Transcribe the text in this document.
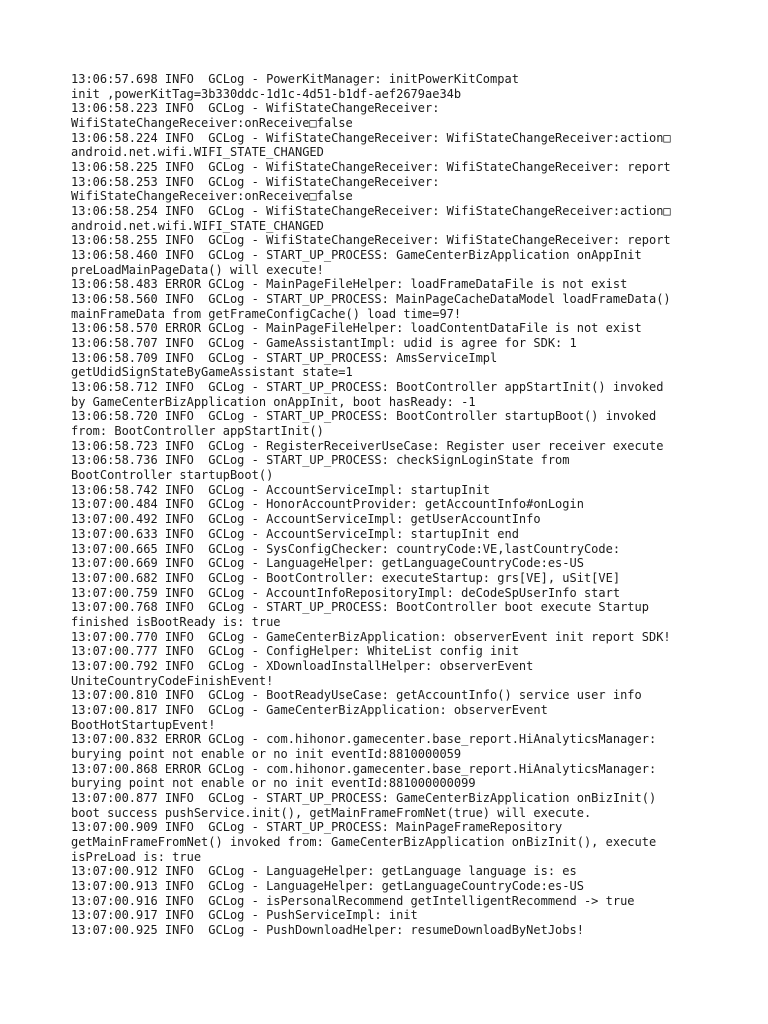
13:06:57.698 INFO  GCLog - PowerKitManager: initPowerKitCompat
init ,powerKitTag=3b330ddc-1d1c-4d51-b1df-aef2679ae34b
13:06:58.223 INFO  GCLog - WifiStateChangeReceiver:
WifiStateChangeReceiver:onReceive□false
13:06:58.224 INFO  GCLog - WifiStateChangeReceiver: WifiStateChangeReceiver:action□
android.net.wifi.WIFI_STATE_CHANGED
13:06:58.225 INFO  GCLog - WifiStateChangeReceiver: WifiStateChangeReceiver: report
13:06:58.253 INFO  GCLog - WifiStateChangeReceiver:
WifiStateChangeReceiver:onReceive□false
13:06:58.254 INFO  GCLog - WifiStateChangeReceiver: WifiStateChangeReceiver:action□
android.net.wifi.WIFI_STATE_CHANGED
13:06:58.255 INFO  GCLog - WifiStateChangeReceiver: WifiStateChangeReceiver: report
13:06:58.460 INFO  GCLog - START_UP_PROCESS: GameCenterBizApplication onAppInit
preLoadMainPageData() will execute!
13:06:58.483 ERROR GCLog - MainPageFileHelper: loadFrameDataFile is not exist
13:06:58.560 INFO  GCLog - START_UP_PROCESS: MainPageCacheDataModel loadFrameData()
mainFrameData from getFrameConfigCache() load time=97!
13:06:58.570 ERROR GCLog - MainPageFileHelper: loadContentDataFile is not exist
13:06:58.707 INFO  GCLog - GameAssistantImpl: udid is agree for SDK: 1
13:06:58.709 INFO  GCLog - START_UP_PROCESS: AmsServiceImpl
getUdidSignStateByGameAssistant state=1
13:06:58.712 INFO  GCLog - START_UP_PROCESS: BootController appStartInit() invoked
by GameCenterBizApplication onAppInit, boot hasReady: -1
13:06:58.720 INFO  GCLog - START_UP_PROCESS: BootController startupBoot() invoked
from: BootController appStartInit()
13:06:58.723 INFO  GCLog - RegisterReceiverUseCase: Register user receiver execute
13:06:58.736 INFO  GCLog - START_UP_PROCESS: checkSignLoginState from
BootController startupBoot()
13:06:58.742 INFO  GCLog - AccountServiceImpl: startupInit
13:07:00.484 INFO  GCLog - HonorAccountProvider: getAccountInfo#onLogin
13:07:00.492 INFO  GCLog - AccountServiceImpl: getUserAccountInfo
13:07:00.633 INFO  GCLog - AccountServiceImpl: startupInit end
13:07:00.665 INFO  GCLog - SysConfigChecker: countryCode:VE,lastCountryCode:
13:07:00.669 INFO  GCLog - LanguageHelper: getLanguageCountryCode:es-US
13:07:00.682 INFO  GCLog - BootController: executeStartup: grs[VE], uSit[VE]
13:07:00.759 INFO  GCLog - AccountInfoRepositoryImpl: deCodeSpUserInfo start
13:07:00.768 INFO  GCLog - START_UP_PROCESS: BootController boot execute Startup
finished isBootReady is: true
13:07:00.770 INFO  GCLog - GameCenterBizApplication: observerEvent init report SDK!
13:07:00.777 INFO  GCLog - ConfigHelper: WhiteList config init
13:07:00.792 INFO  GCLog - XDownloadInstallHelper: observerEvent
UniteCountryCodeFinishEvent!
13:07:00.810 INFO  GCLog - BootReadyUseCase: getAccountInfo() service user info
13:07:00.817 INFO  GCLog - GameCenterBizApplication: observerEvent
BootHotStartupEvent!
13:07:00.832 ERROR GCLog - com.hihonor.gamecenter.base_report.HiAnalyticsManager:
burying point not enable or no init eventId:8810000059
13:07:00.868 ERROR GCLog - com.hihonor.gamecenter.base_report.HiAnalyticsManager:
burying point not enable or no init eventId:881000000099
13:07:00.877 INFO  GCLog - START_UP_PROCESS: GameCenterBizApplication onBizInit()
boot success pushService.init(), getMainFrameFromNet(true) will execute.
13:07:00.909 INFO  GCLog - START_UP_PROCESS: MainPageFrameRepository
getMainFrameFromNet() invoked from: GameCenterBizApplication onBizInit(), execute
isPreLoad is: true
13:07:00.912 INFO  GCLog - LanguageHelper: getLanguage language is: es
13:07:00.913 INFO  GCLog - LanguageHelper: getLanguageCountryCode:es-US
13:07:00.916 INFO  GCLog - isPersonalRecommend getIntelligentRecommend -> true
13:07:00.917 INFO  GCLog - PushServiceImpl: init
13:07:00.925 INFO  GCLog - PushDownloadHelper: resumeDownloadByNetJobs!
